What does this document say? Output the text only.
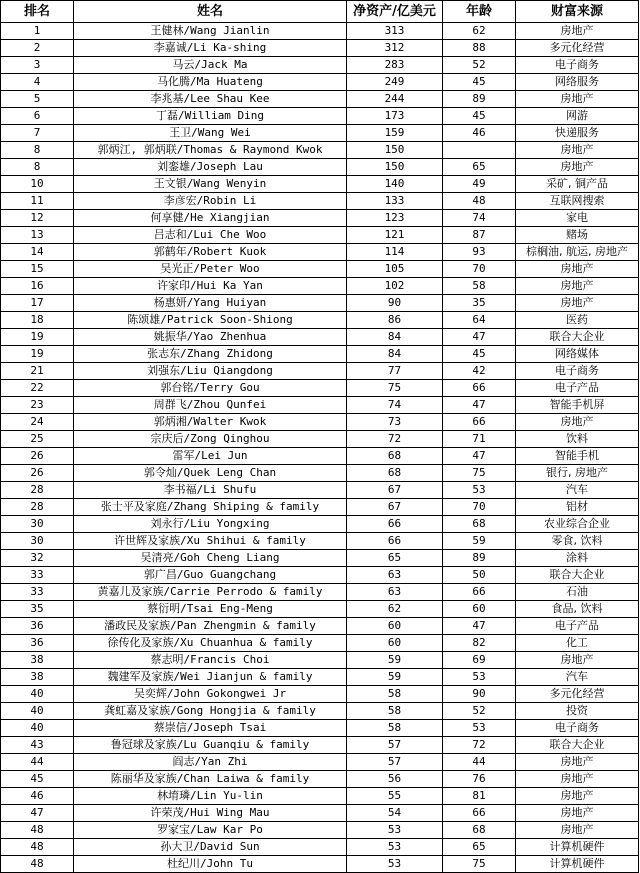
排名	姓名	净资产/亿美元	年龄	财富来源
1	王健林/Wang Jianlin	313	62	房地产
2	李嘉诚/Li Ka-shing	312	88	多元化经营
3	马云/Jack Ma	283	52	电子商务
4	马化腾/Ma Huateng	249	45	网络服务
5	李兆基/Lee Shau Kee	244	89	房地产
6	丁磊/William Ding	173	45	网游
7	王卫/Wang Wei	159	46	快递服务
8	郭炳江, 郭炳联/Thomas & Raymond Kwok	150		房地产
8	刘銮雄/Joseph Lau	150	65	房地产
10	王文银/Wang Wenyin	140	49	采矿, 铜产品
11	李彦宏/Robin Li	133	48	互联网搜索
12	何享健/He Xiangjian	123	74	家电
13	吕志和/Lui Che Woo	121	87	赌场
14	郭鹤年/Robert Kuok	114	93	棕榈油, 航运, 房地产
15	吴光正/Peter Woo	105	70	房地产
16	许家印/Hui Ka Yan	102	58	房地产
17	杨惠妍/Yang Huiyan	90	35	房地产
18	陈颂雄/Patrick Soon-Shiong	86	64	医药
19	姚振华/Yao Zhenhua	84	47	联合大企业
19	张志东/Zhang Zhidong	84	45	网络媒体
21	刘强东/Liu Qiangdong	77	42	电子商务
22	郭台铭/Terry Gou	75	66	电子产品
23	周群飞/Zhou Qunfei	74	47	智能手机屏
24	郭炳湘/Walter Kwok	73	66	房地产
25	宗庆后/Zong Qinghou	72	71	饮料
26	雷军/Lei Jun	68	47	智能手机
26	郭令灿/Quek Leng Chan	68	75	银行, 房地产
28	李书福/Li Shufu	67	53	汽车
28	张士平及家庭/Zhang Shiping & family	67	70	铝材
30	刘永行/Liu Yongxing	66	68	农业综合企业
30	许世辉及家族/Xu Shihui & family	66	59	零食, 饮料
32	吴清亮/Goh Cheng Liang	65	89	涂料
33	郭广昌/Guo Guangchang	63	50	联合大企业
33	黄嘉儿及家族/Carrie Perrodo & family	63	66	石油
35	蔡衍明/Tsai Eng-Meng	62	60	食品, 饮料
36	潘政民及家族/Pan Zhengmin & family	60	47	电子产品
36	徐传化及家族/Xu Chuanhua & family	60	82	化工
38	蔡志明/Francis Choi	59	69	房地产
38	魏建军及家族/Wei Jianjun & family	59	53	汽车
40	吴奕辉/John Gokongwei Jr	58	90	多元化经营
40	龚虹嘉及家族/Gong Hongjia & family	58	52	投资
40	蔡崇信/Joseph Tsai	58	53	电子商务
43	鲁冠球及家族/Lu Guanqiu & family	57	72	联合大企业
44	阎志/Yan Zhi	57	44	房地产
45	陈丽华及家族/Chan Laiwa & family	56	76	房地产
46	林堉璘/Lin Yu-lin	55	81	房地产
47	许荣茂/Hui Wing Mau	54	66	房地产
48	罗家宝/Law Kar Po	53	68	房地产
48	孙大卫/David Sun	53	65	计算机硬件
48	杜纪川/John Tu	53	75	计算机硬件
